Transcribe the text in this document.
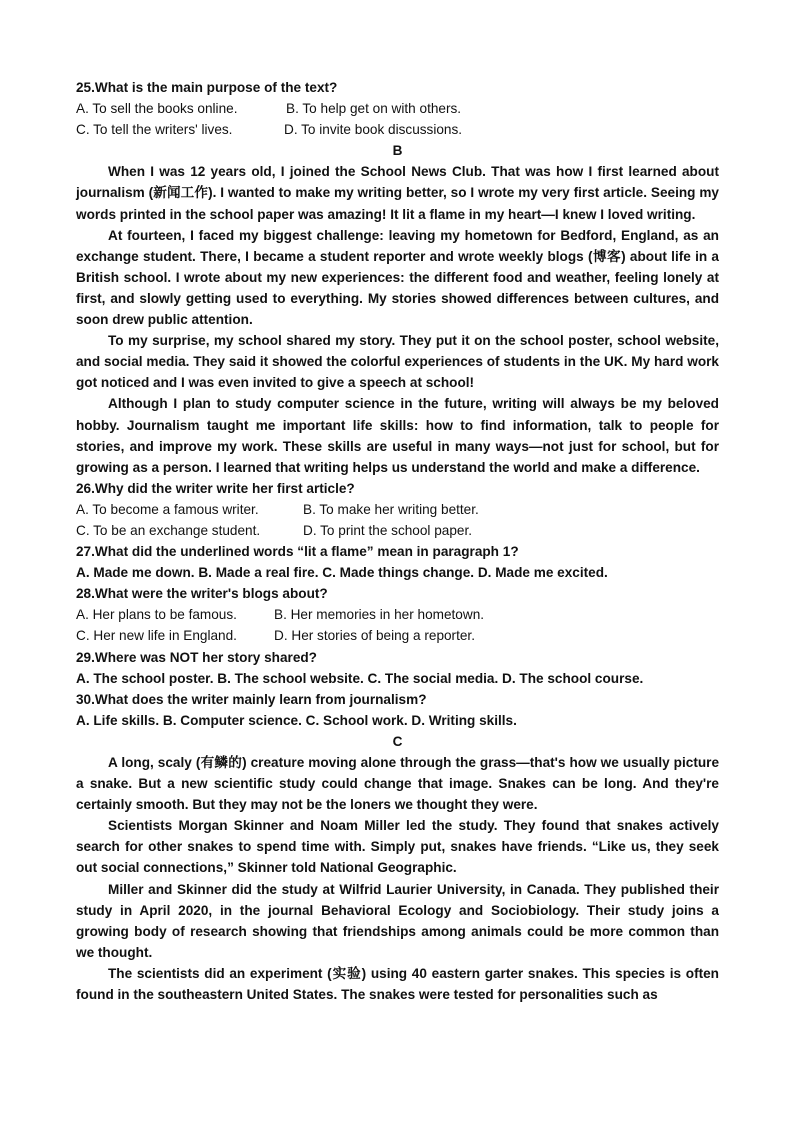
25.What is the main purpose of the text?
A. To sell the books online.	B. To help get on with others.
C. To tell the writers' lives.	D. To invite book discussions.
B

When I was 12 years old, I joined the School News Club. That was how I first learned about journalism (新闻工作). I wanted to make my writing better, so I wrote my very first article. Seeing my words printed in the school paper was amazing! It lit a flame in my heart—I knew I loved writing.

At fourteen, I faced my biggest challenge: leaving my hometown for Bedford, England, as an exchange student. There, I became a student reporter and wrote weekly blogs (博客) about life in a British school. I wrote about my new experiences: the different food and weather, feeling lonely at first, and slowly getting used to everything. My stories showed differences between cultures, and soon drew public attention.

To my surprise, my school shared my story. They put it on the school poster, school website, and social media. They said it showed the colorful experiences of students in the UK. My hard work got noticed and I was even invited to give a speech at school!

Although I plan to study computer science in the future, writing will always be my beloved hobby. Journalism taught me important life skills: how to find information, talk to people for stories, and improve my work. These skills are useful in many ways—not just for school, but for growing as a person. I learned that writing helps us understand the world and make a difference.

26.Why did the writer write her first article?
A. To become a famous writer.	B. To make her writing better.
C. To be an exchange student.	D. To print the school paper.
27.What did the underlined words “lit a flame” mean in paragraph 1?
A. Made me down. B. Made a real fire. C. Made things change. D. Made me excited.
28.What were the writer's blogs about?
A. Her plans to be famous.	B. Her memories in her hometown.
C. Her new life in England.	D. Her stories of being a reporter.
29.Where was NOT her story shared?
A. The school poster. B. The school website. C. The social media. D. The school course.
30.What does the writer mainly learn from journalism?
A. Life skills. B. Computer science. C. School work. D. Writing skills.
C

A long, scaly (有鳞的) creature moving alone through the grass—that's how we usually picture a snake. But a new scientific study could change that image. Snakes can be long. And they're certainly smooth. But they may not be the loners we thought they were.

Scientists Morgan Skinner and Noam Miller led the study. They found that snakes actively search for other snakes to spend time with. Simply put, snakes have friends. “Like us, they seek out social connections,” Skinner told National Geographic.

Miller and Skinner did the study at Wilfrid Laurier University, in Canada. They published their study in April 2020, in the journal Behavioral Ecology and Sociobiology. Their study joins a growing body of research showing that friendships among animals could be more common than we thought.

The scientists did an experiment (实验) using 40 eastern garter snakes. This species is often found in the southeastern United States. The snakes were tested for personalities such as
